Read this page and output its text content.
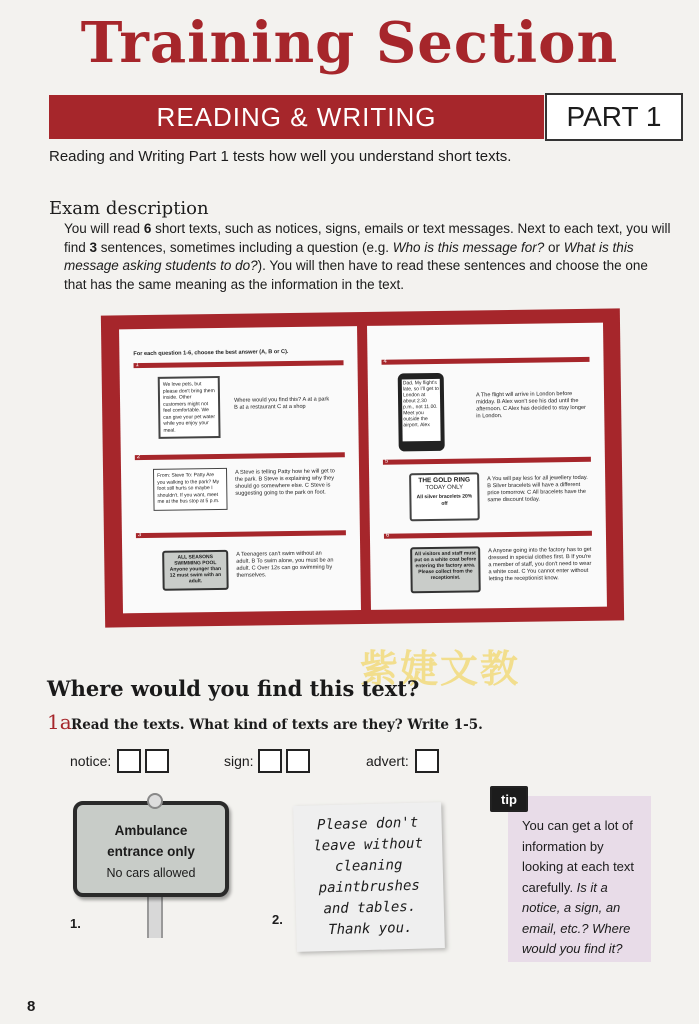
Training Section
READING & WRITING	PART 1
Reading and Writing Part 1 tests how well you understand short texts.
Exam description
You will read 6 short texts, such as notices, signs, emails or text messages. Next to each text, you will find 3 sentences, sometimes including a question (e.g. Who is this message for? or What is this message asking students to do?). You will then have to read these sentences and choose the one that has the same meaning as the information in the text.
For each question 1-6, choose the best answer (A, B or C).
1
We love pets, but please don't bring them inside. Other customers might not feel comfortable. We can give your pet water while you enjoy your meal.
Where would you find this? A at a park B at a restaurant C at a shop
2
From: Steve To: Patty Are you walking to the park? My foot still hurts so maybe I shouldn't. If you want, meet me at the bus stop at 5 p.m.
A Steve is telling Patty how he will get to the park. B Steve is explaining why they should go somewhere else. C Steve is suggesting going to the park on foot.
3
ALL SEASONS SWIMMING POOL Anyone younger than 12 must swim with an adult.
A Teenagers can't swim without an adult. B To swim alone, you must be an adult. C Over 12s can go swimming by themselves.
4
Dad, My flight's late, so I'll get to London at about 2.30 p.m., not 11.00. Meet you outside the airport. Alex
A The flight will arrive in London before midday. B Alex won't see his dad until the afternoon. C Alex has decided to stay longer in London.
5
THE GOLD RING
TODAY ONLY
All silver bracelets 20% off
A You will pay less for all jewellery today. B Silver bracelets will have a different price tomorrow. C All bracelets have the same discount today.
6
All visitors and staff must put on a white coat before entering the factory area. Please collect from the receptionist.
A Anyone going into the factory has to get dressed in special clothes first. B If you're a member of staff, you don't need to wear a white coat. C You cannot enter without letting the receptionist know.
紫婕文教
Where would you find this text?
1a.
Read the texts. What kind of texts are they? Write 1-5.
notice:	sign:	advert:
Ambulance
entrance only
No cars allowed
1.
Please don't
leave without
cleaning
paintbrushes
and tables.
Thank you.
2.
You can get a lot of information by looking at each text carefully. Is it a notice, a sign, an email, etc.? Where would you find it?
tip
8
